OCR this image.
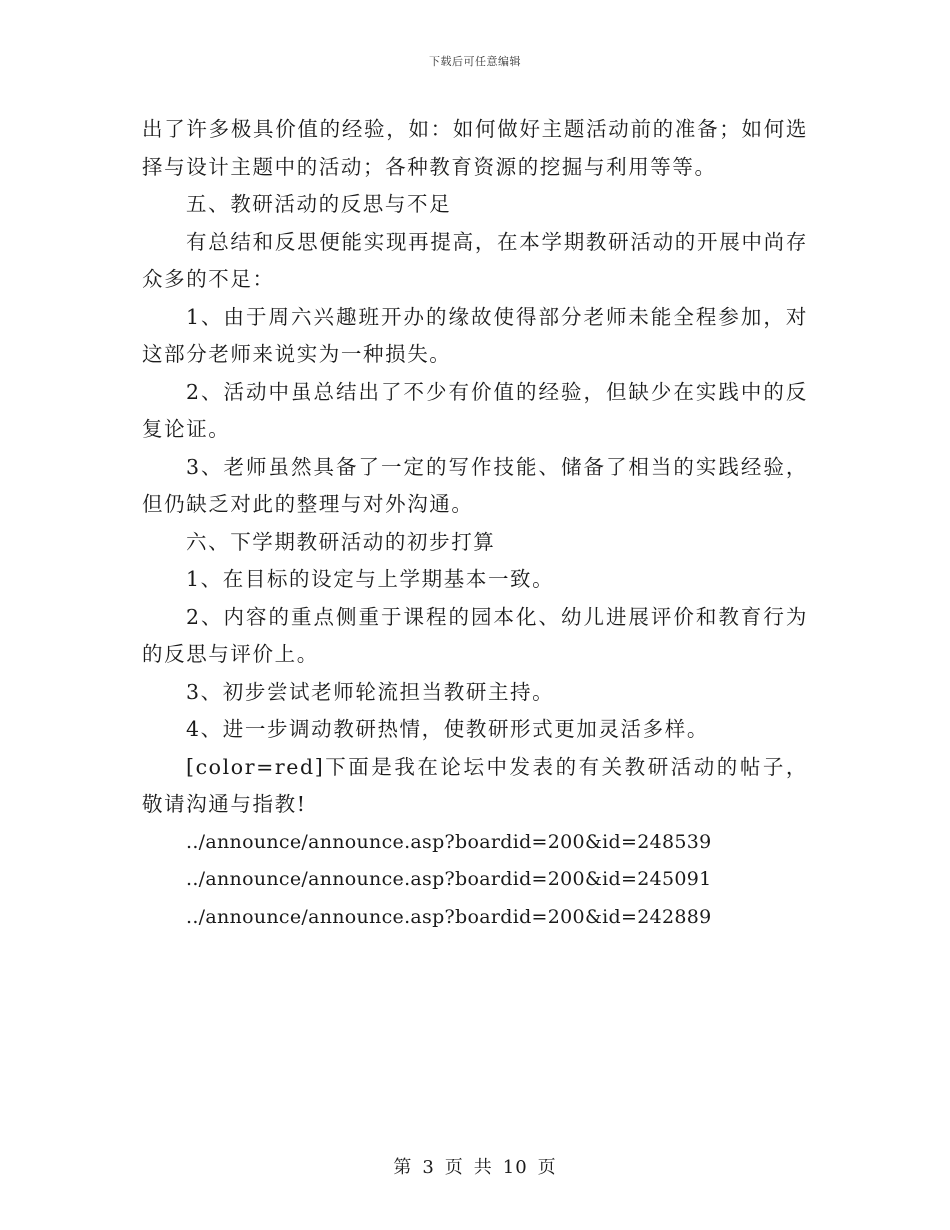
下载后可任意编辑

出了许多极具价值的经验，如：如何做好主题活动前的准备；如何选择与设计主题中的活动；各种教育资源的挖掘与利用等等。

五、教研活动的反思与不足

有总结和反思便能实现再提高，在本学期教研活动的开展中尚存众多的不足：

1、由于周六兴趣班开办的缘故使得部分老师未能全程参加，对这部分老师来说实为一种损失。

2、活动中虽总结出了不少有价值的经验，但缺少在实践中的反复论证。

3、老师虽然具备了一定的写作技能、储备了相当的实践经验，但仍缺乏对此的整理与对外沟通。

六、下学期教研活动的初步打算

1、在目标的设定与上学期基本一致。

2、内容的重点侧重于课程的园本化、幼儿进展评价和教育行为的反思与评价上。

3、初步尝试老师轮流担当教研主持。

4、进一步调动教研热情，使教研形式更加灵活多样。

[color=red]下面是我在论坛中发表的有关教研活动的帖子，敬请沟通与指教!

../announce/announce.asp?boardid=200&id=248539

../announce/announce.asp?boardid=200&id=245091

../announce/announce.asp?boardid=200&id=242889

第 3 页 共 10 页
